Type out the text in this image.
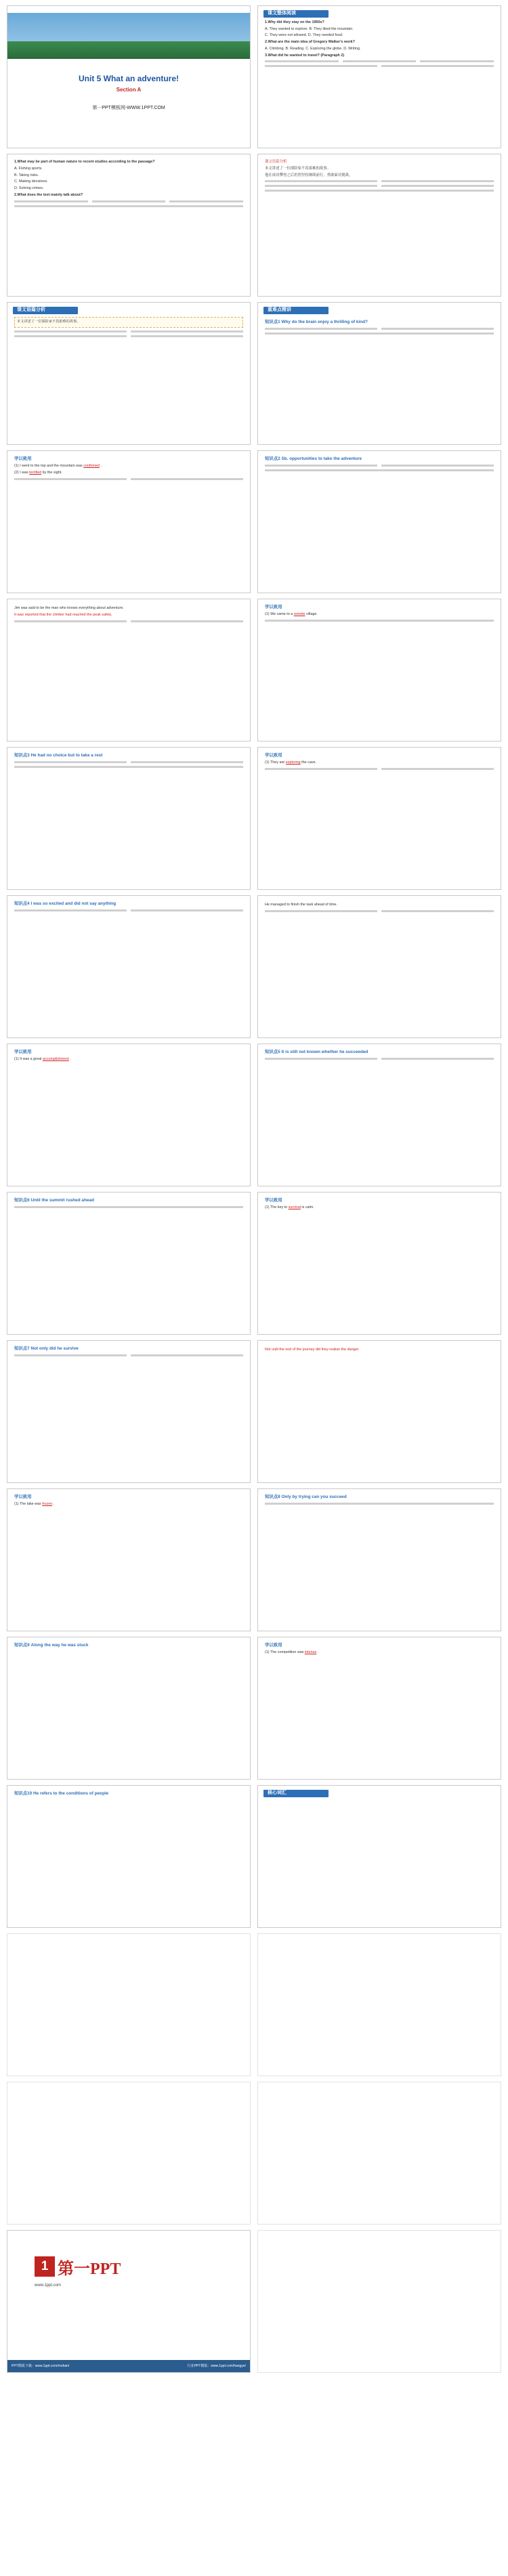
Unit 5 What an adventure!
Section A
第一PPT模板网-WWW.1PPT.COM
课文整体阅读

1.Why did they stay on the 1950s?

A. They wanted to explore. B. They liked the mountain.

C. They were not allowed. D. They needed food.

2.What are the main idea of Gregory Walker's work?

A. Climbing. B. Reading. C. Exploring the globe. D. Writing.

3.What did he wanted to travel? (Paragraph 2)

1.What may be part of human nature to recent studies according to the passage?

A. Fishing sports.

B. Taking risks.

C. Making decisions.

D. Solving crimes.

2.What does the text mainly talk about?

课文语篇分析

本文讲述了一位探险家不畏艰难的故事。

他在成功攀登之后仍然坚持继续前行，勇敢面对挑战。

课文语篇分析

本文讲述了一位探险家不畏艰难的故事。

重难点精讲
知识点1 Why do the brain enjoy a thrilling of kind?
学以致用

(1) I went to the top and the mountain was confirmed .

(2) I was terrified by the sight.

知识点2 Sb. opportunities to take the adventure

Jim was said to be the man who knows everything about adventure.

It was reported that the climber had reached the peak safely.

学以致用

(1) We came to a remote village.

知识点3 He had no choice but to take a rest	学以致用

(1) They are exploring the cave.

知识点4 I was so excited and did not say anything	He managed to finish the task ahead of time.

学以致用

(1) It was a great accomplishment .

知识点5 It is still not known whether he succeeded
知识点6 Until the summit rushed ahead	学以致用

(1) The key to survival is calm.

知识点7 Not only did he survive	Not until the end of the journey did they realize the danger.

学以致用

(1) The lake was frozen .

知识点8 Only by trying can you succeed
知识点9 Along the way he was stuck	学以致用

(1) The competition was intense .

知识点10 He refers to the conditions of people	核心词汇
1 第一PPT
www.1ppt.com
PPT模板下载：www.1ppt.com/moban/	行业PPT模板：www.1ppt.com/hangye/
